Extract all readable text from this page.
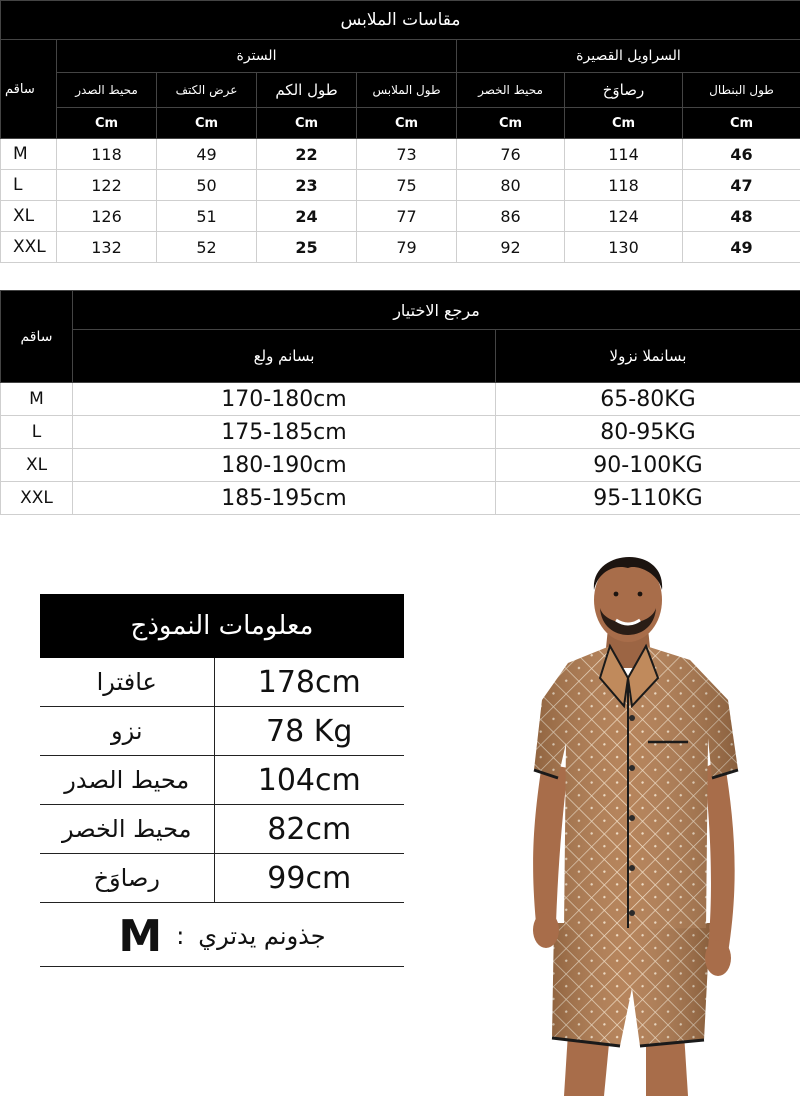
مقاسات الملابس							
ساقم	السترة				السراويل القصيرة		
	محيط الصدر	عرض الكتف	طول الكم	طول الملابس	محيط الخصر	رصاوَخ	طول البنطال
	Cm	Cm	Cm	Cm	Cm	Cm	Cm
M	118	49	22	73	76	114	46
L	122	50	23	75	80	118	47
XL	126	51	24	77	86	124	48
XXL	132	52	25	79	92	130	49
ساقم	مرجع الاختيار	
	بسانم ولع	بسانملا نزولا
M	170-180cm	65-80KG
L	175-185cm	80-95KG
XL	180-190cm	90-100KG
XXL	185-195cm	95-110KG
معلومات النموذج
عافترا	178cm
نزو	78 Kg
محيط الصدر	104cm
محيط الخصر	82cm
رصاوَخ	99cm
M : جذونم يدتري
